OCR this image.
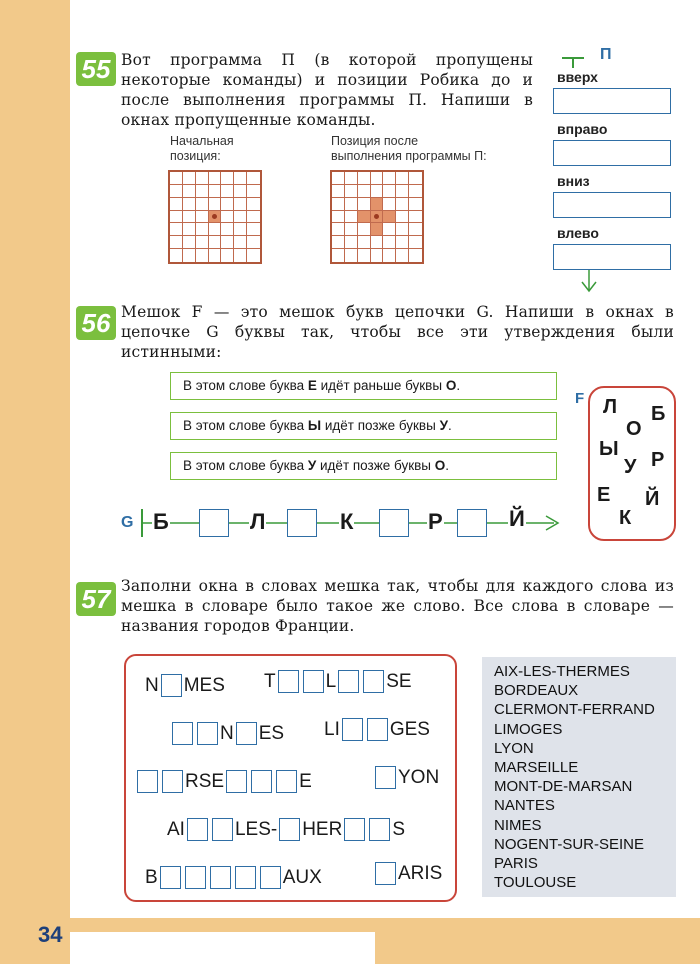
34
55 Вот программа П (в которой пропущены некоторые команды) и позиции Робика до и после выполнения программы П. Напиши в окнах пропущенные команды.
Начальная
позиция:
Позиция после
выполнения программы П:
П
вверх
вправо
вниз
влево
56 Мешок F — это мешок букв цепочки G. Напиши в окнах в цепочке G буквы так, чтобы все эти утверждения были истинными:
В этом слове буква Е идёт раньше буквы О.
В этом слове буква Ы идёт позже буквы У.
В этом слове буква У идёт позже буквы О.
G Б	Л	К	Р	Й
F Л Б
О
Ы
У Р
Е Й
К
57 Заполни окна в словах мешка так, чтобы для каждого слова из мешка в словаре было такое же слово. Все слова в словаре — названия городов Франции.
N MES T	L	SE
N ES LI	GES
RSE	E	YON
AI	LES- HER	S
B	AUX	ARIS
AIX-LES-THERMES
BORDEAUX
CLERMONT-FERRAND
LIMOGES
LYON
MARSEILLE
MONT-DE-MARSAN
NANTES
NIMES
NOGENT-SUR-SEINE
PARIS
TOULOUSE
